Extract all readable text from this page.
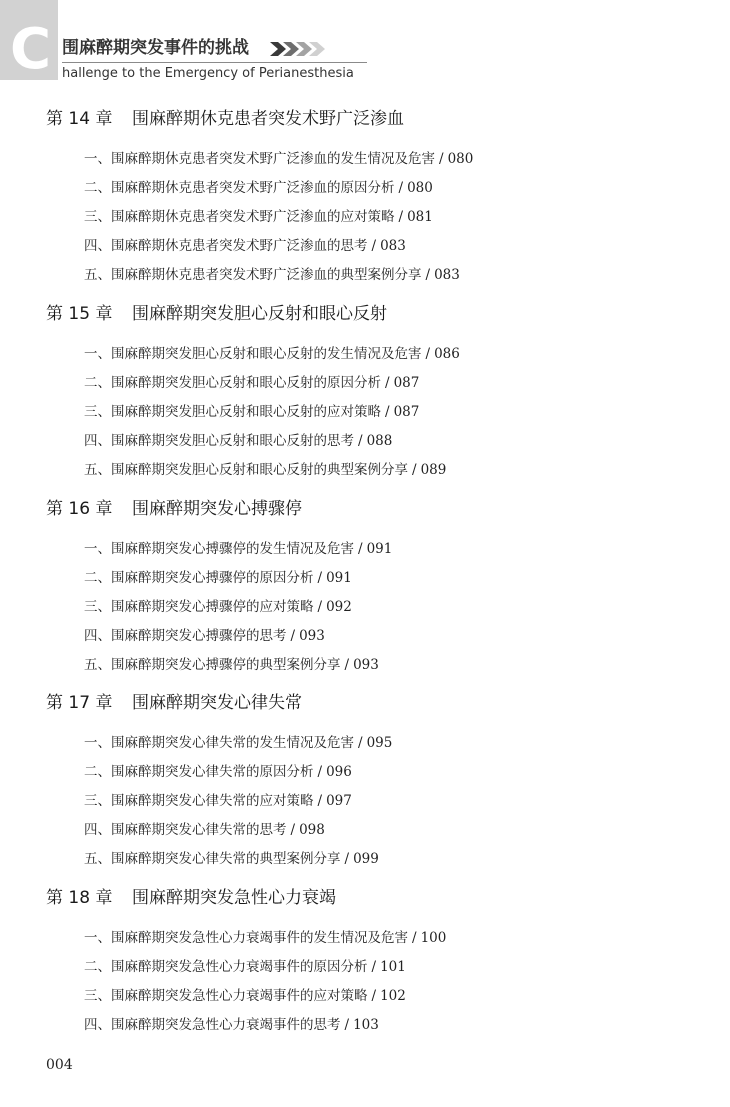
C 围麻醉期突发事件的挑战
hallenge to the Emergency of Perianesthesia
第 14 章 围麻醉期休克患者突发术野广泛渗血
一、围麻醉期休克患者突发术野广泛渗血的发生情况及危害 / 080
二、围麻醉期休克患者突发术野广泛渗血的原因分析 / 080
三、围麻醉期休克患者突发术野广泛渗血的应对策略 / 081
四、围麻醉期休克患者突发术野广泛渗血的思考 / 083
五、围麻醉期休克患者突发术野广泛渗血的典型案例分享 / 083
第 15 章 围麻醉期突发胆心反射和眼心反射
一、围麻醉期突发胆心反射和眼心反射的发生情况及危害 / 086
二、围麻醉期突发胆心反射和眼心反射的原因分析 / 087
三、围麻醉期突发胆心反射和眼心反射的应对策略 / 087
四、围麻醉期突发胆心反射和眼心反射的思考 / 088
五、围麻醉期突发胆心反射和眼心反射的典型案例分享 / 089
第 16 章 围麻醉期突发心搏骤停
一、围麻醉期突发心搏骤停的发生情况及危害 / 091
二、围麻醉期突发心搏骤停的原因分析 / 091
三、围麻醉期突发心搏骤停的应对策略 / 092
四、围麻醉期突发心搏骤停的思考 / 093
五、围麻醉期突发心搏骤停的典型案例分享 / 093
第 17 章 围麻醉期突发心律失常
一、围麻醉期突发心律失常的发生情况及危害 / 095
二、围麻醉期突发心律失常的原因分析 / 096
三、围麻醉期突发心律失常的应对策略 / 097
四、围麻醉期突发心律失常的思考 / 098
五、围麻醉期突发心律失常的典型案例分享 / 099
第 18 章 围麻醉期突发急性心力衰竭
一、围麻醉期突发急性心力衰竭事件的发生情况及危害 / 100
二、围麻醉期突发急性心力衰竭事件的原因分析 / 101
三、围麻醉期突发急性心力衰竭事件的应对策略 / 102
四、围麻醉期突发急性心力衰竭事件的思考 / 103
004
